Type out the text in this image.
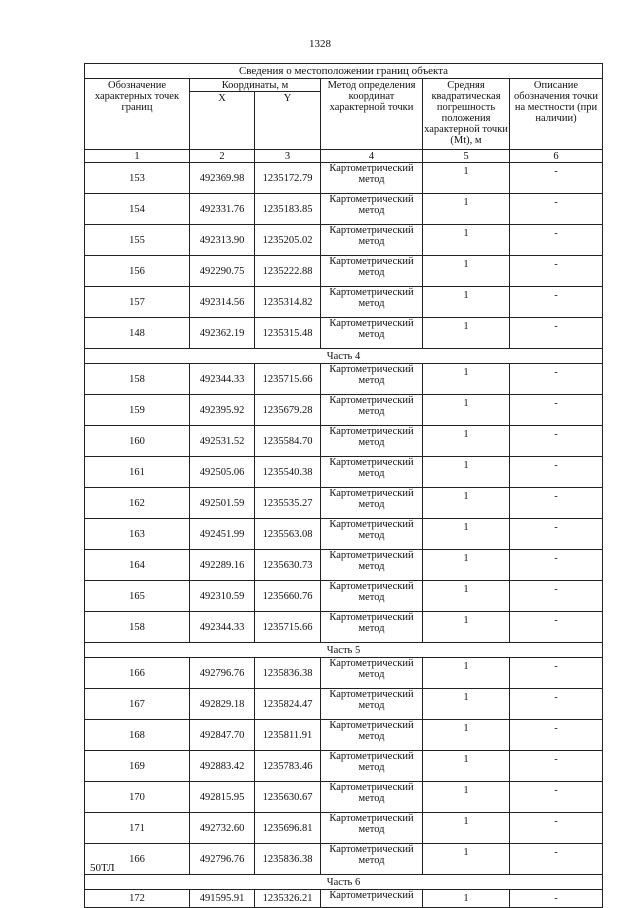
1328
Сведения о местоположении границ объекта					
Обозначение характерных точек границ	Координаты, м		Метод определения координат характерной точки	Средняя квадратическая погрешность положения характерной точки (Mt), м	Описание обозначения точки на местности (при наличии)
	X	Y			
1	2	3	4	5	6
153	492369.98	1235172.79	Картометрический метод	1	-
154	492331.76	1235183.85	Картометрический метод	1	-
155	492313.90	1235205.02	Картометрический метод	1	-
156	492290.75	1235222.88	Картометрический метод	1	-
157	492314.56	1235314.82	Картометрический метод	1	-
148	492362.19	1235315.48	Картометрический метод	1	-
Часть 4					
158	492344.33	1235715.66	Картометрический метод	1	-
159	492395.92	1235679.28	Картометрический метод	1	-
160	492531.52	1235584.70	Картометрический метод	1	-
161	492505.06	1235540.38	Картометрический метод	1	-
162	492501.59	1235535.27	Картометрический метод	1	-
163	492451.99	1235563.08	Картометрический метод	1	-
164	492289.16	1235630.73	Картометрический метод	1	-
165	492310.59	1235660.76	Картометрический метод	1	-
158	492344.33	1235715.66	Картометрический метод	1	-
Часть 5					
166	492796.76	1235836.38	Картометрический метод	1	-
167	492829.18	1235824.47	Картометрический метод	1	-
168	492847.70	1235811.91	Картометрический метод	1	-
169	492883.42	1235783.46	Картометрический метод	1	-
170	492815.95	1235630.67	Картометрический метод	1	-
171	492732.60	1235696.81	Картометрический метод	1	-
166	492796.76	1235836.38	Картометрический метод	1	-
Часть 6					
172	491595.91	1235326.21	Картометрический	1	-
50ТЛ
